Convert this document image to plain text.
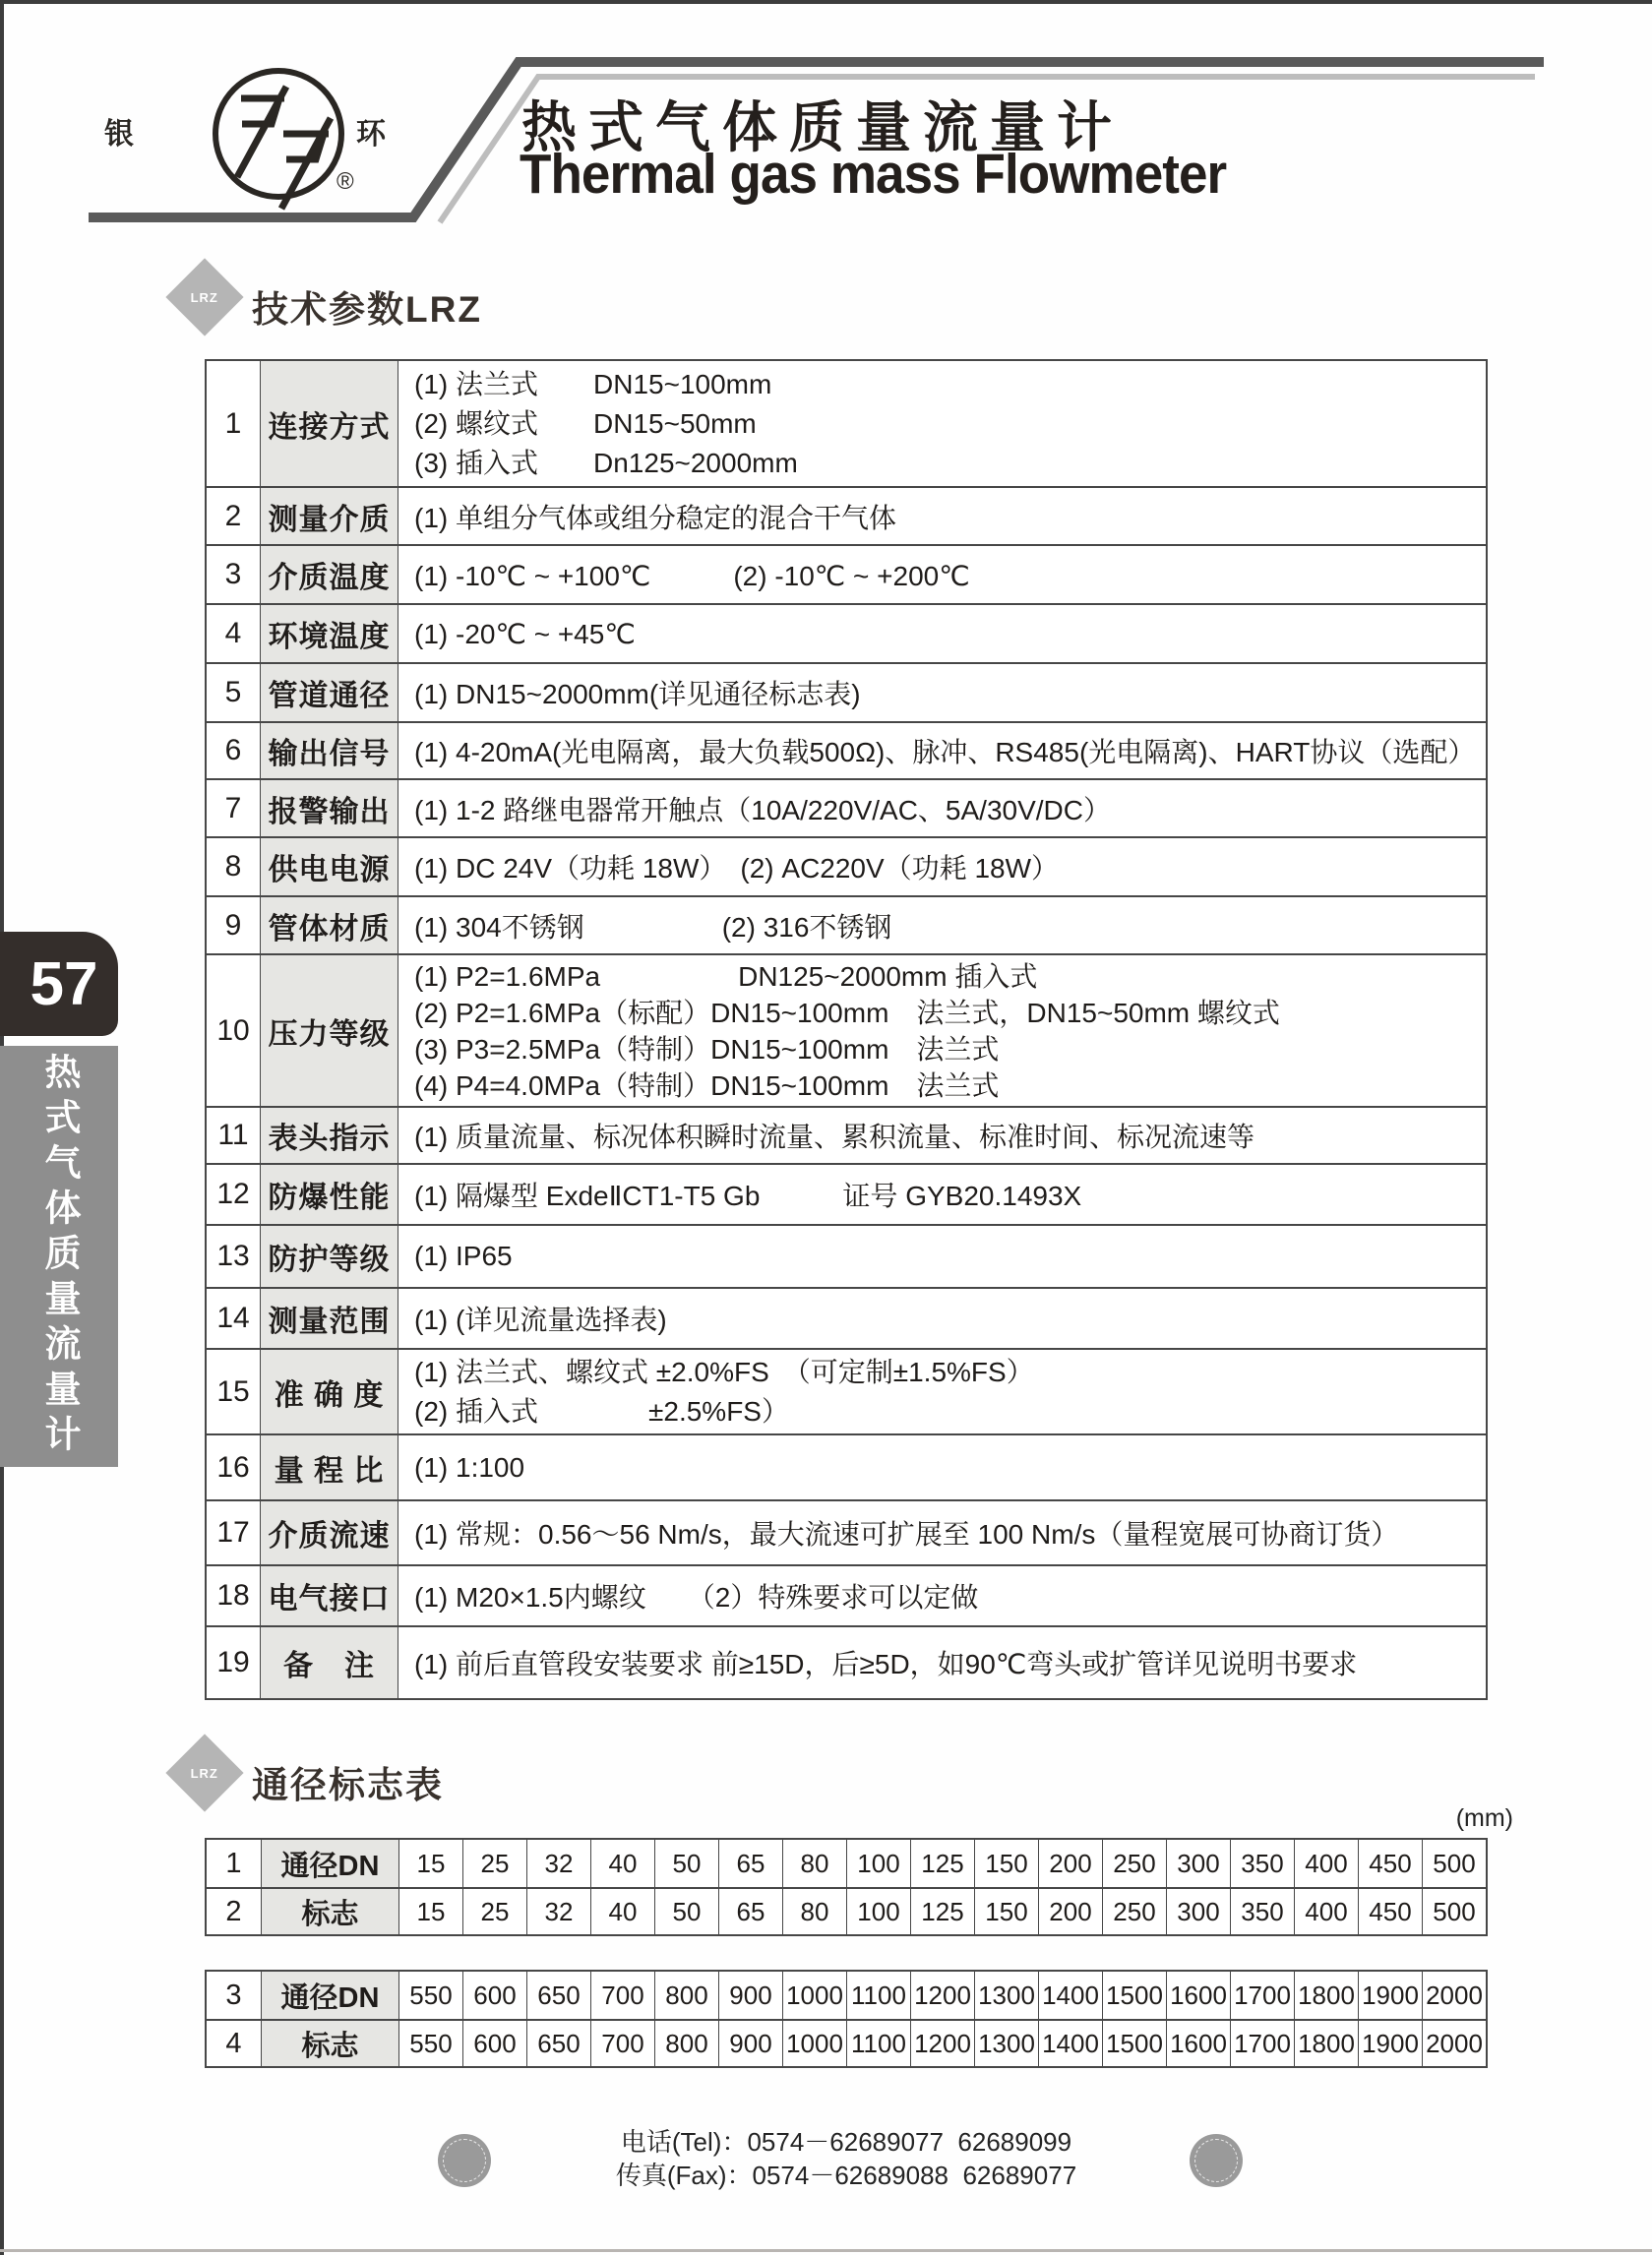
银	环
®
热式气体质量流量计
Thermal gas mass Flowmeter
LRZ 技术参数LRZ
1 连接方式
(1) 法兰式　　DN15~100mm
(2) 螺纹式　　DN15~50mm
(3) 插入式　　Dn125~2000mm
2 测量介质 (1) 单组分气体或组分稳定的混合干气体
3 介质温度 (1) -10℃ ~ +100℃　　　(2) -10℃ ~ +200℃
4 环境温度 (1) -20℃ ~ +45℃
5 管道通径 (1) DN15~2000mm(详见通径标志表)
6 输出信号 (1) 4-20mA(光电隔离，最大负载500Ω)、脉冲、RS485(光电隔离)、HART协议（选配）
7 报警输出 (1) 1-2 路继电器常开触点（10A/220V/AC、5A/30V/DC）
8 供电电源 (1) DC 24V（功耗 18W）　(2) AC220V（功耗 18W）
9 管体材质 (1) 304不锈钢　　　　　(2) 316不锈钢
10 压力等级
(1) P2=1.6MPa　　　　　DN125~2000mm 插入式
(2) P2=1.6MPa（标配）DN15~100mm　法兰式，DN15~50mm 螺纹式
(3) P3=2.5MPa（特制）DN15~100mm　法兰式
(4) P4=4.0MPa（特制）DN15~100mm　法兰式
11 表头指示 (1) 质量流量、标况体积瞬时流量、累积流量、标准时间、标况流速等
12 防爆性能 (1) 隔爆型 ExdeⅡCT1-T5 Gb　　　证号 GYB20.1493X
13 防护等级 (1) IP65
14 测量范围 (1) (详见流量选择表)
15 准 确 度
(1) 法兰式、螺纹式 ±2.0%FS　（可定制±1.5%FS）
(2) 插入式　　　　±2.5%FS）
16 量 程 比	(1) 1:100
17 介质流速 (1) 常规：0.56～56 Nm/s，最大流速可扩展至 100 Nm/s（量程宽展可协商订货）
18 电气接口 (1) M20×1.5内螺纹　　（2）特殊要求可以定做
19	备　注	(1) 前后直管段安装要求 前≥15D，后≥5D，如90℃弯头或扩管详见说明书要求
LRZ 通径标志表
(mm)
1	通径DN	15	25	32	40	50	65	80	100 125 150 200 250 300 350 400 450 500
2	标志	15	25	32	40	50	65	80	100 125 150 200 250 300 350 400 450 500
3	通径DN	550 600 650 700 800 900 1000 1100 1200 1300 1400 1500 1600 1700 1800 1900 2000
4	标志	550 600 650 700 800 900 1000 1100 1200 1300 1400 1500 1600 1700 1800 1900 2000
57
热式气体质量流量计
电话(Tel)：0574－62689077  62689099
传真(Fax)：0574－62689088  62689077
